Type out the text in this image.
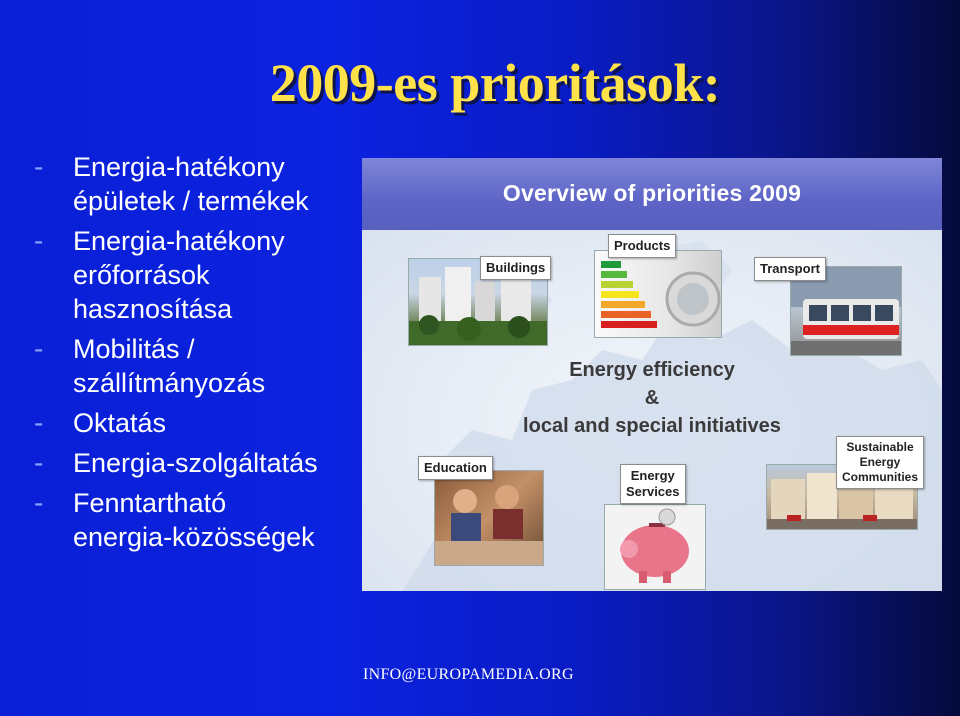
2009-es prioritások:
- Energia-hatékony
épületek / termékek
- Energia-hatékony
erőforrások
hasznosítása
- Mobilitás /
szállítmányozás
- Oktatás
- Energia-szolgáltatás
- Fenntartható
energia-közösségek
Overview of priorities 2009
Buildings
Products
Transport
Energy efficiency
&
local and special initiatives
Education
Energy
Services
Sustainable
Energy
Communities
INFO@EUROPAMEDIA.ORG
